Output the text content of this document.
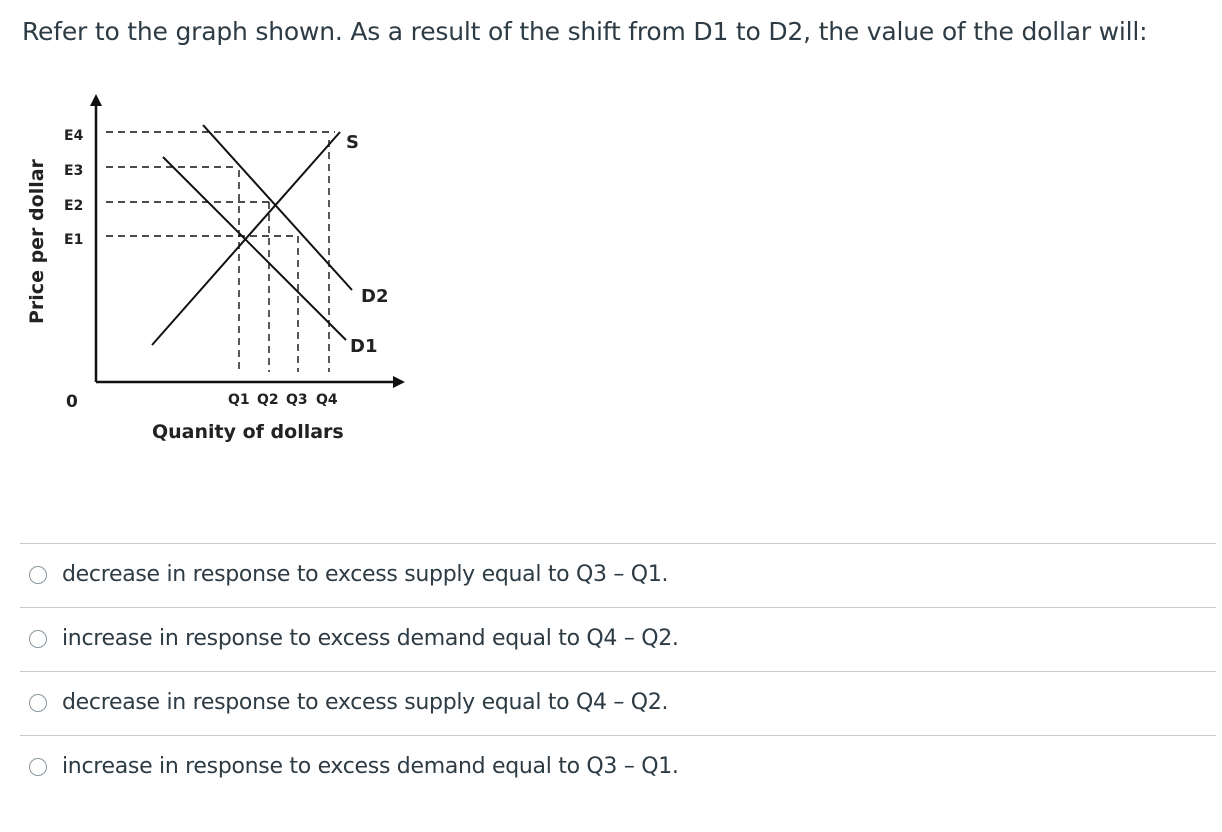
Refer to the graph shown. As a result of the shift from D1 to D2, the value of the dollar will:
E4
E3
E2
E1
0	Q1 Q2 Q3 Q4
S
D2
D1
Quanity of dollars
Price per dollar
decrease in response to excess supply equal to Q3 – Q1.
increase in response to excess demand equal to Q4 – Q2.
decrease in response to excess supply equal to Q4 – Q2.
increase in response to excess demand equal to Q3 – Q1.
